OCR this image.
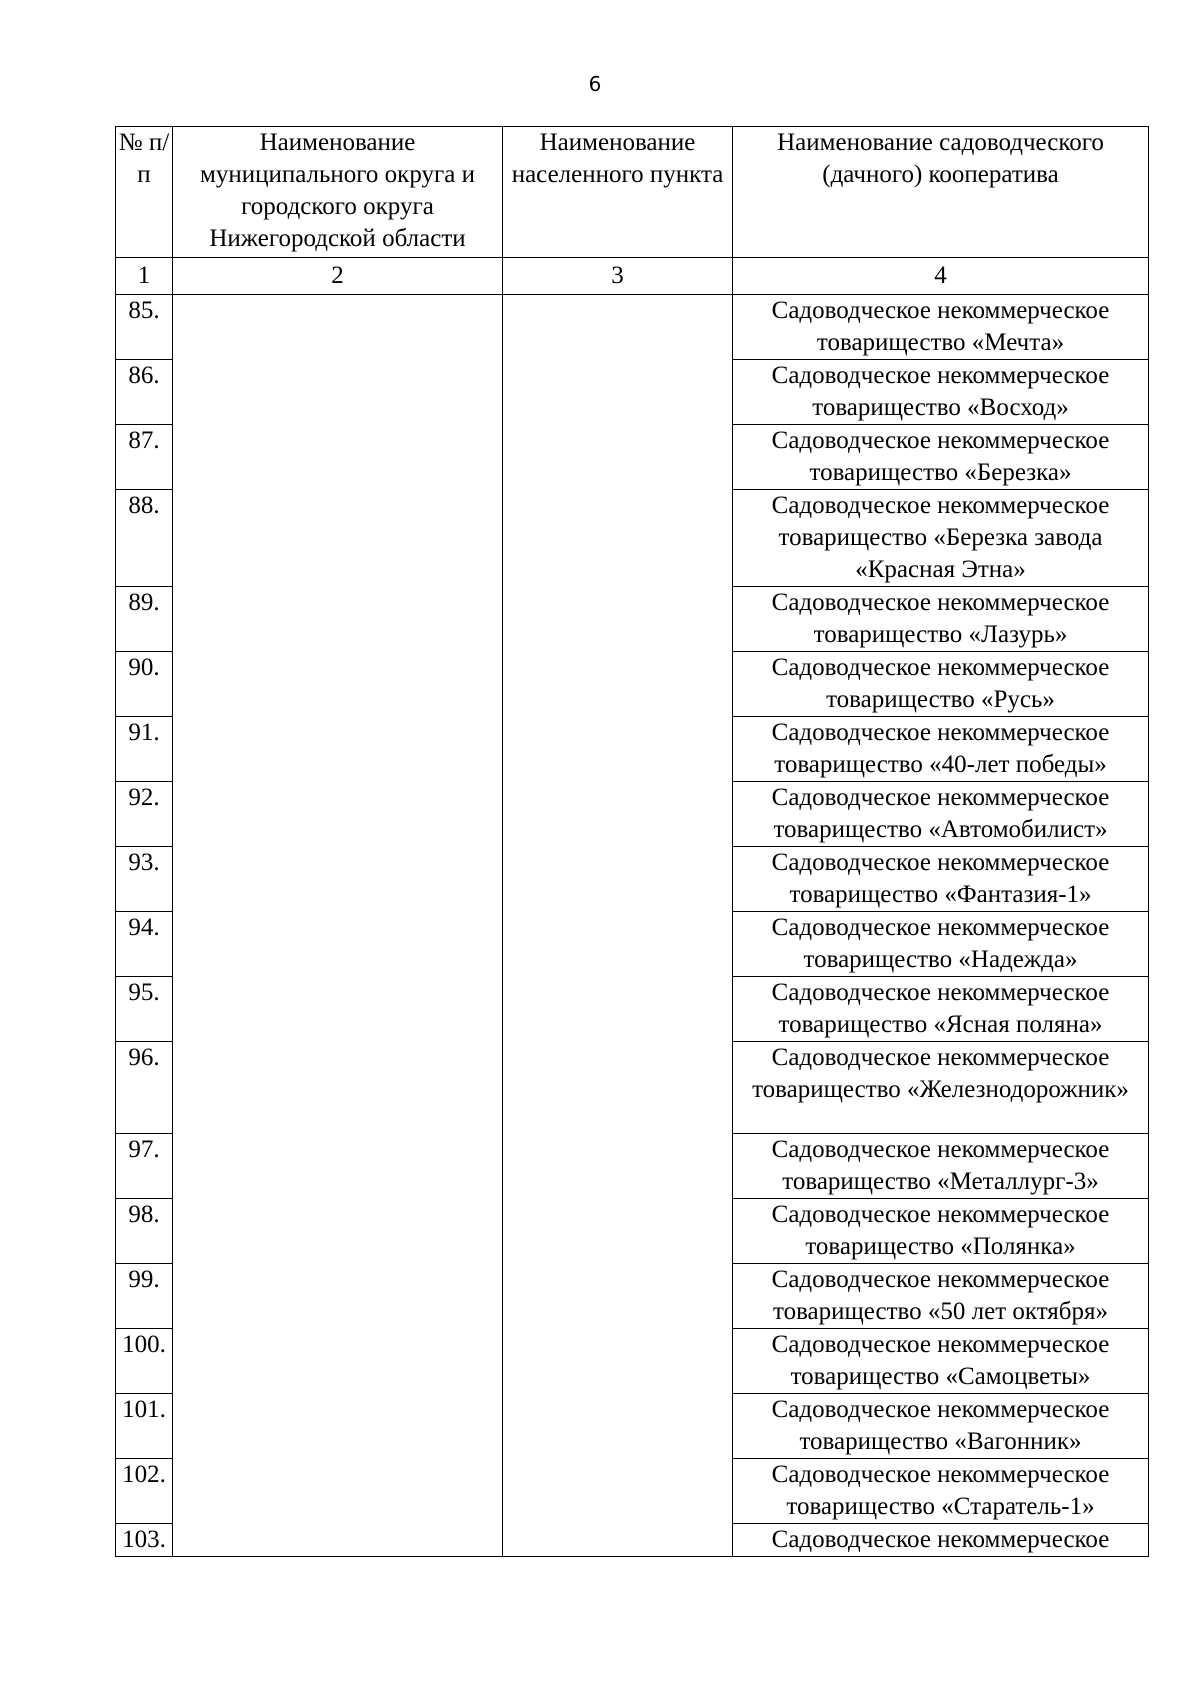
6
№ п/п	Наименование муниципального округа и городского округа Нижегородской области	Наименование населенного пункта	Наименование садоводческого (дачного) кооператива
1	2	3	4
85.			Садоводческое некоммерческое товарищество «Мечта»
86.			Садоводческое некоммерческое товарищество «Восход»
87.			Садоводческое некоммерческое товарищество «Березка»
88.			Садоводческое некоммерческое товарищество «Березка завода «Красная Этна»
89.			Садоводческое некоммерческое товарищество «Лазурь»
90.			Садоводческое некоммерческое товарищество «Русь»
91.			Садоводческое некоммерческое товарищество «40-лет победы»
92.			Садоводческое некоммерческое товарищество «Автомобилист»
93.			Садоводческое некоммерческое товарищество «Фантазия-1»
94.			Садоводческое некоммерческое товарищество «Надежда»
95.			Садоводческое некоммерческое товарищество «Ясная поляна»
96.			Садоводческое некоммерческое товарищество «Железнодорожник»
97.			Садоводческое некоммерческое товарищество «Металлург-3»
98.			Садоводческое некоммерческое товарищество «Полянка»
99.			Садоводческое некоммерческое товарищество «50 лет октября»
100.			Садоводческое некоммерческое товарищество «Самоцветы»
101.			Садоводческое некоммерческое товарищество «Вагонник»
102.			Садоводческое некоммерческое товарищество «Старатель-1»
103.			Садоводческое некоммерческое
